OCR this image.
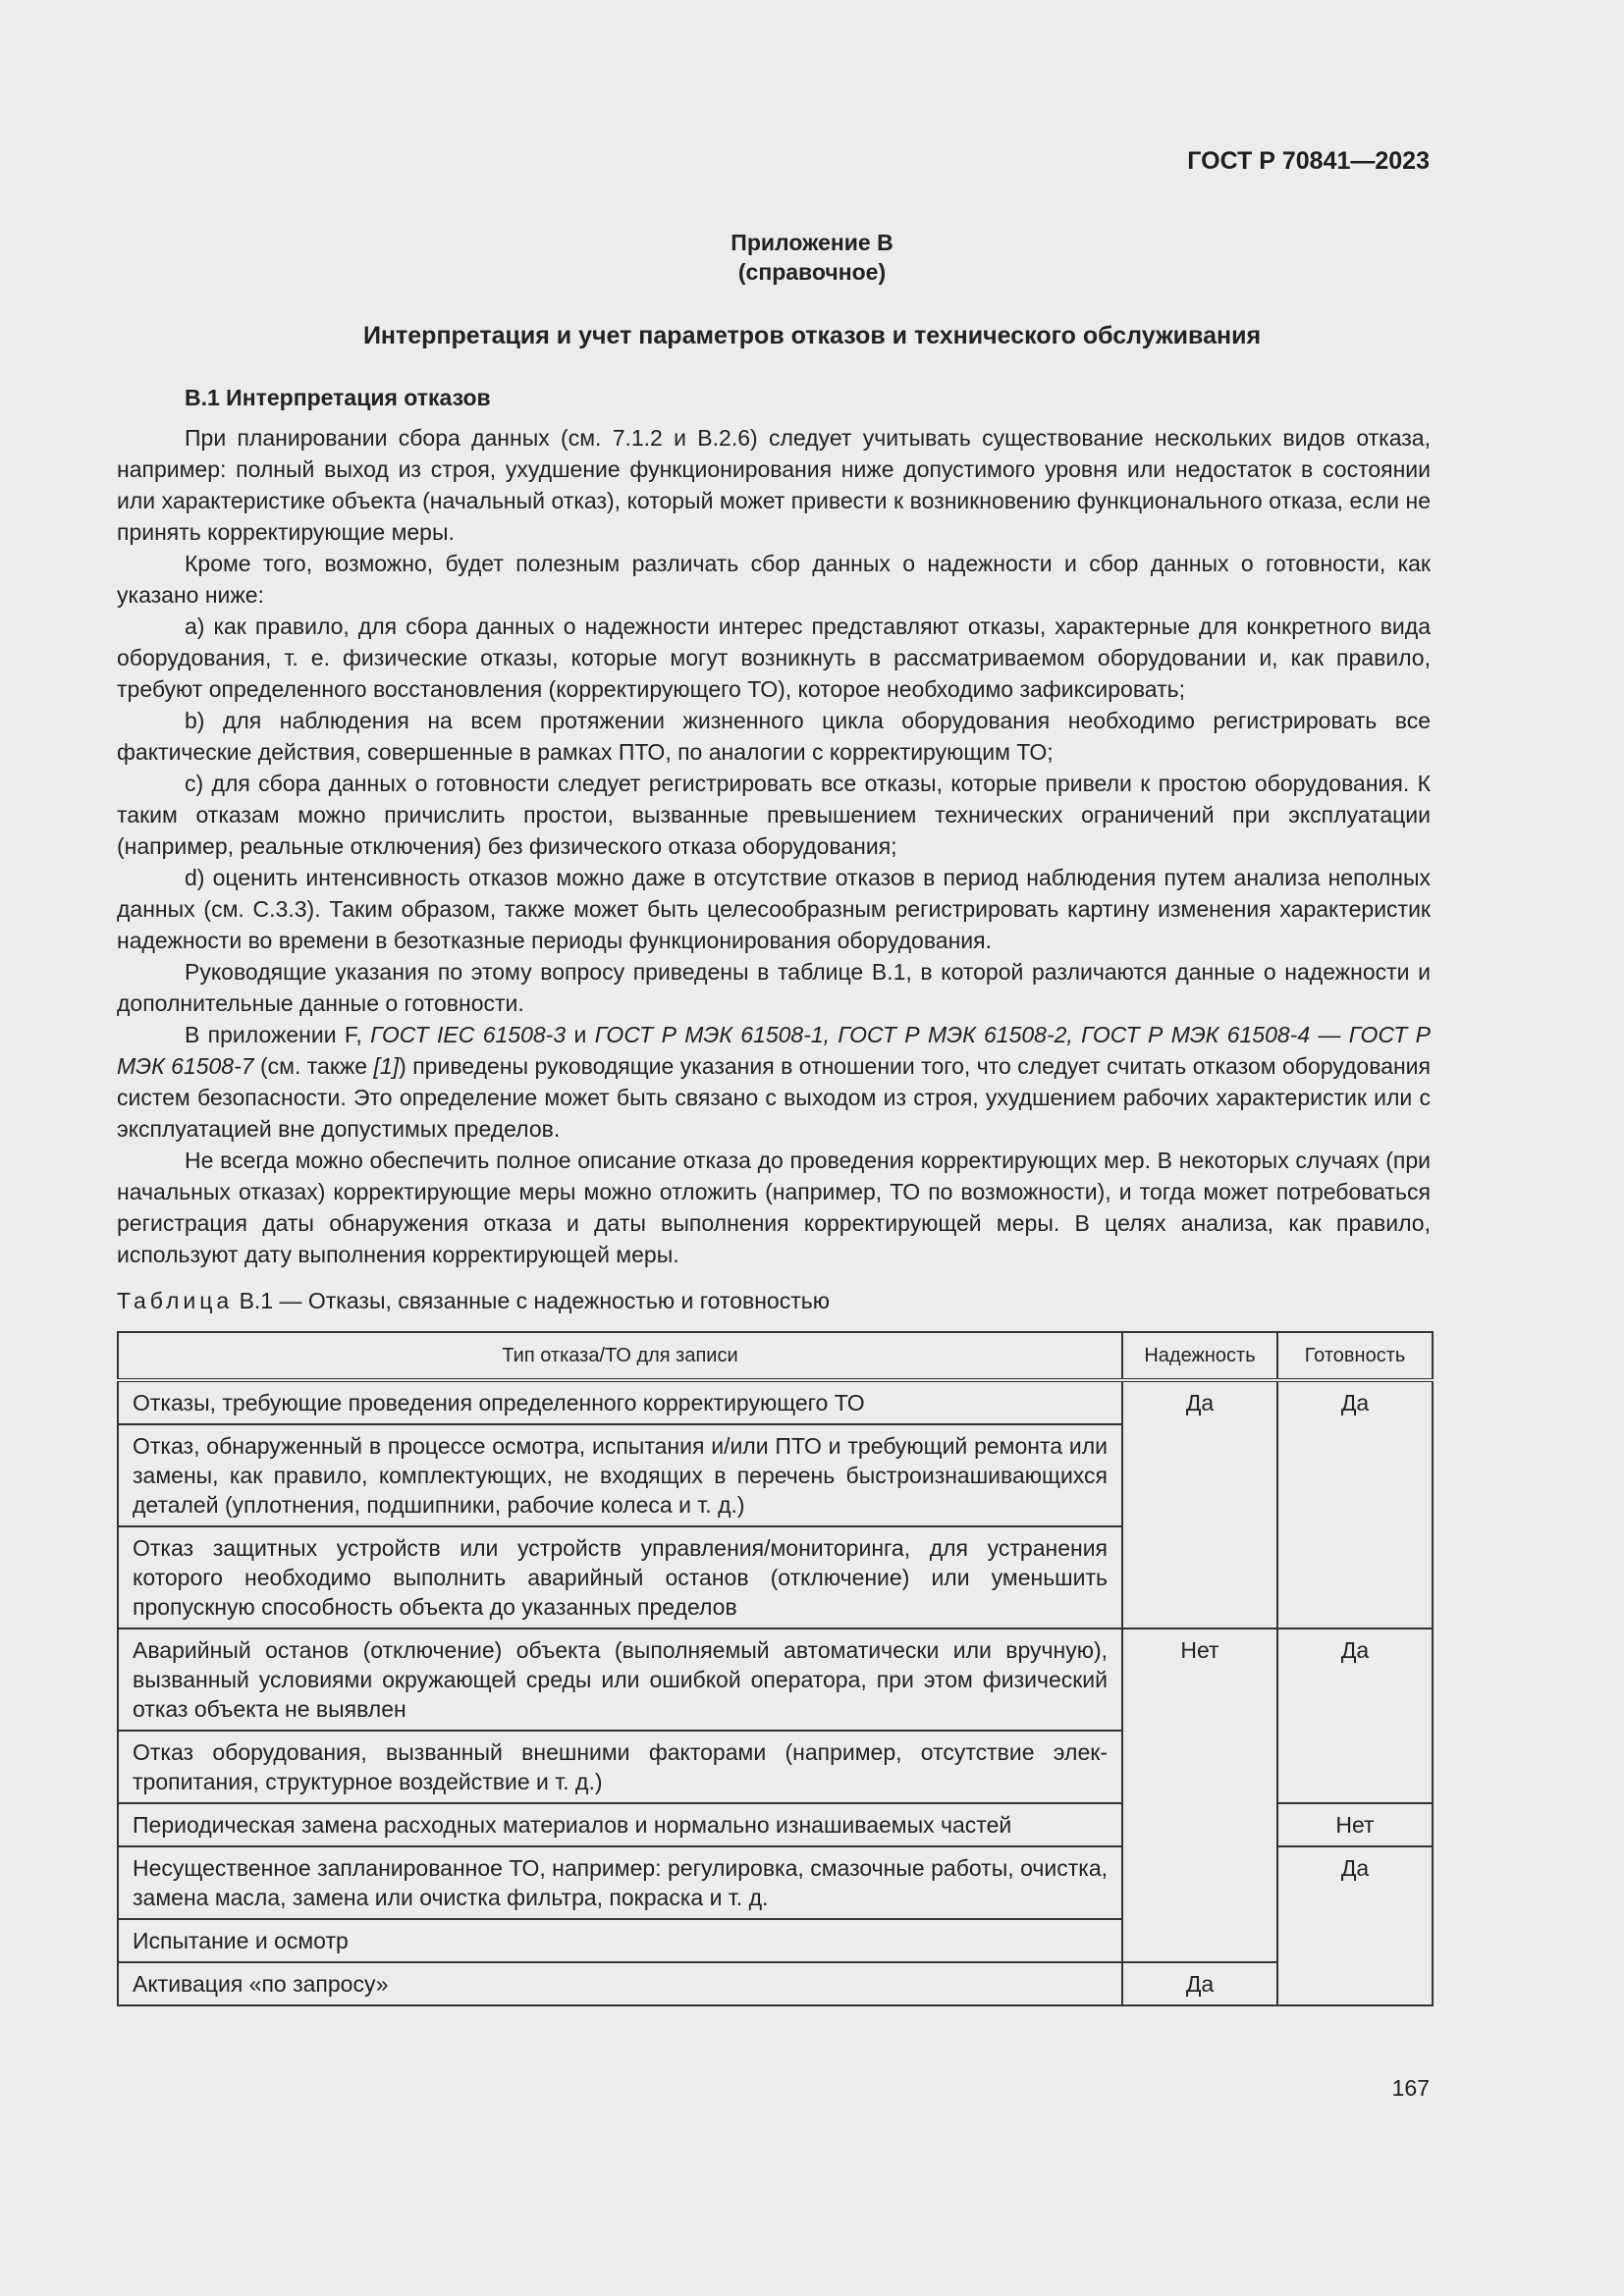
ГОСТ Р 70841—2023
Приложение В
(справочное)
Интерпретация и учет параметров отказов и технического обслуживания
В.1 Интерпретация отказов

При планировании сбора данных (см. 7.1.2 и В.2.6) следует учитывать существование нескольких видов отказа, например: полный выход из строя, ухудшение функционирования ниже допустимого уровня или недостаток в состоянии или характеристике объекта (начальный отказ), который может привести к возникновению функционального отказа, если не принять корректирующие меры.

Кроме того, возможно, будет полезным различать сбор данных о надежности и сбор данных о готовности, как указано ниже:

а) как правило, для сбора данных о надежности интерес представляют отказы, характерные для конкретного вида оборудования, т. е. физические отказы, которые могут возникнуть в рассматриваемом оборудовании и, как правило, требуют определенного восстановления (корректирующего ТО), которое необходимо зафиксировать;

b) для наблюдения на всем протяжении жизненного цикла оборудования необходимо регистрировать все фактические действия, совершенные в рамках ПТО, по аналогии с корректирующим ТО;

с) для сбора данных о готовности следует регистрировать все отказы, которые привели к простою оборудования. К таким отказам можно причислить простои, вызванные превышением технических ограничений при эксплуатации (например, реальные отключения) без физического отказа оборудования;

d) оценить интенсивность отказов можно даже в отсутствие отказов в период наблюдения путем анализа неполных данных (см. С.3.3). Таким образом, также может быть целесообразным регистрировать картину изменения характеристик надежности во времени в безотказные периоды функционирования оборудования.

Руководящие указания по этому вопросу приведены в таблице В.1, в которой различаются данные о надежности и дополнительные данные о готовности.

В приложении F, ГОСТ IEC 61508-3 и ГОСТ Р МЭК 61508-1, ГОСТ Р МЭК 61508-2, ГОСТ Р МЭК 61508-4 — ГОСТ Р МЭК 61508-7 (см. также [1]) приведены руководящие указания в отношении того, что следует считать отказом оборудования систем безопасности. Это определение может быть связано с выходом из строя, ухудшением рабочих характеристик или с эксплуатацией вне допустимых пределов.

Не всегда можно обеспечить полное описание отказа до проведения корректирующих мер. В некоторых случаях (при начальных отказах) корректирующие меры можно отложить (например, ТО по возможности), и тогда может потребоваться регистрация даты обнаружения отказа и даты выполнения корректирующей меры. В целях анализа, как правило, используют дату выполнения корректирующей меры.

Таблица В.1 — Отказы, связанные с надежностью и готовностью
Тип отказа/ТО для записи	Надежность	Готовность
Отказы, требующие проведения определенного корректирующего ТО	Да	Да
Отказ, обнаруженный в процессе осмотра, испытания и/или ПТО и требующий ремонта или замены, как правило, комплектующих, не входящих в перечень быстроизнашивающихся деталей (уплотнения, подшипники, рабочие колеса и т. д.)		
Отказ защитных устройств или устройств управления/мониторинга, для устранения которого необходимо выполнить аварийный останов (отключение) или уменьшить пропускную способность объекта до указанных пределов		
Аварийный останов (отключение) объекта (выполняемый автоматически или вручную), вызванный условиями окружающей среды или ошибкой оператора, при этом физический отказ объекта не выявлен	Нет	Да
Отказ оборудования, вызванный внешними факторами (например, отсутствие электропитания, структурное воздействие и т. д.)		
Периодическая замена расходных материалов и нормально изнашиваемых частей		Нет
Несущественное запланированное ТО, например: регулировка, смазочные работы, очистка, замена масла, замена или очистка фильтра, покраска и т. д.		Да
Испытание и осмотр		
Активация «по запросу»	Да	
167
